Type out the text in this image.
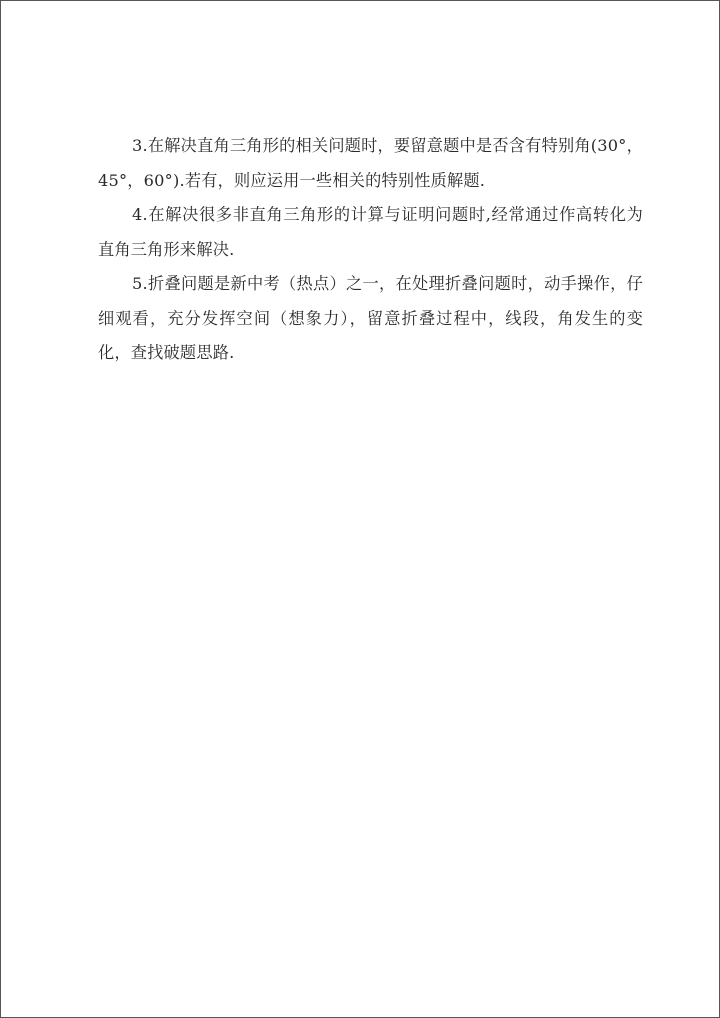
3.在解决直角三角形的相关问题时，要留意题中是否含有特别角(30°，45°，60°).若有，则应运用一些相关的特别性质解题.

4.在解决很多非直角三角形的计算与证明问题时,经常通过作高转化为直角三角形来解决.

5.折叠问题是新中考（热点）之一，在处理折叠问题时，动手操作，仔细观看，充分发挥空间（想象力），留意折叠过程中，线段，角发生的变化，查找破题思路.
